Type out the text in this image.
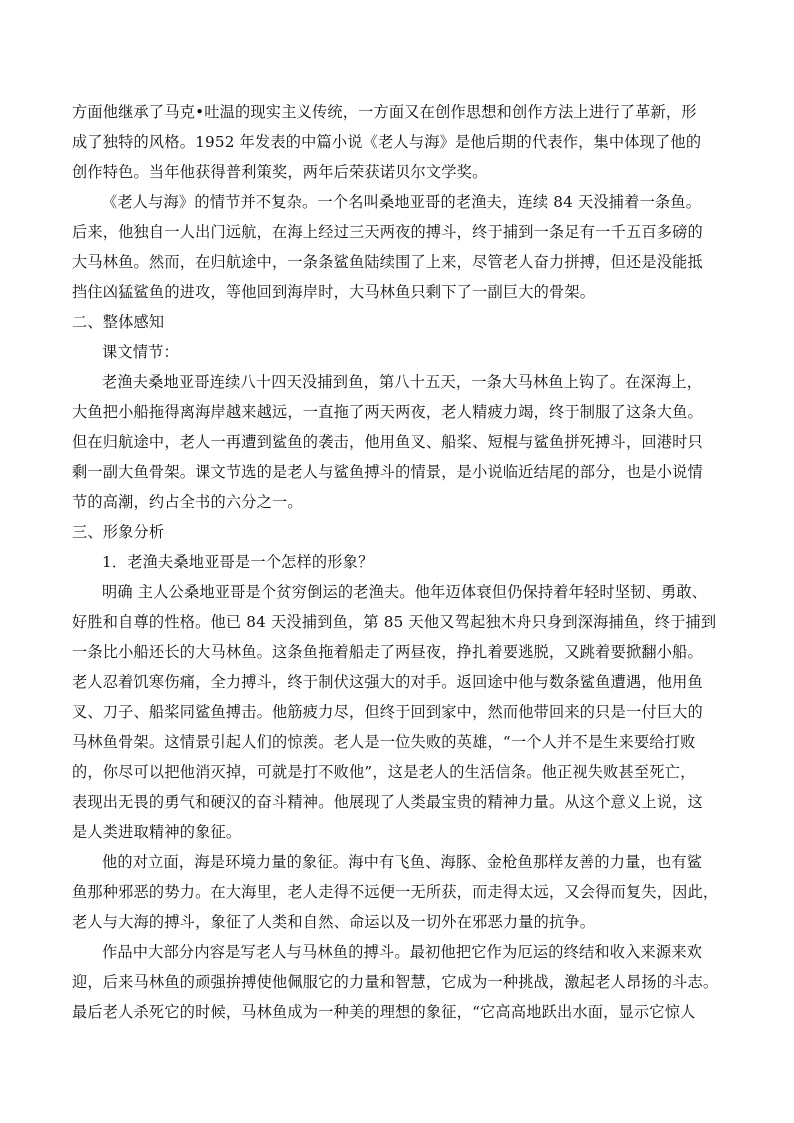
方面他继承了马克•吐温的现实主义传统，一方面又在创作思想和创作方法上进行了革新，形

成了独特的风格。1952 年发表的中篇小说《老人与海》是他后期的代表作，集中体现了他的

创作特色。当年他获得普利策奖，两年后荣获诺贝尔文学奖。

《老人与海》的情节并不复杂。一个名叫桑地亚哥的老渔夫，连续 84 天没捕着一条鱼。

后来，他独自一人出门远航，在海上经过三天两夜的搏斗，终于捕到一条足有一千五百多磅的

大马林鱼。然而，在归航途中，一条条鲨鱼陆续围了上来，尽管老人奋力拼搏，但还是没能抵

挡住凶猛鲨鱼的进攻，等他回到海岸时，大马林鱼只剩下了一副巨大的骨架。

二、整体感知

课文情节：

老渔夫桑地亚哥连续八十四天没捕到鱼，第八十五天，一条大马林鱼上钩了。在深海上，

大鱼把小船拖得离海岸越来越远，一直拖了两天两夜，老人精疲力竭，终于制服了这条大鱼。

但在归航途中，老人一再遭到鲨鱼的袭击，他用鱼叉、船桨、短棍与鲨鱼拼死搏斗，回港时只

剩一副大鱼骨架。课文节选的是老人与鲨鱼搏斗的情景，是小说临近结尾的部分，也是小说情

节的高潮，约占全书的六分之一。

三、形象分析

1．老渔夫桑地亚哥是一个怎样的形象？

明确 主人公桑地亚哥是个贫穷倒运的老渔夫。他年迈体衰但仍保持着年轻时坚韧、勇敢、

好胜和自尊的性格。他已 84 天没捕到鱼，第 85 天他又驾起独木舟只身到深海捕鱼，终于捕到

一条比小船还长的大马林鱼。这条鱼拖着船走了两昼夜，挣扎着要逃脱，又跳着要掀翻小船。

老人忍着饥寒伤痛，全力搏斗，终于制伏这强大的对手。返回途中他与数条鲨鱼遭遇，他用鱼

叉、刀子、船桨同鲨鱼搏击。他筋疲力尽，但终于回到家中，然而他带回来的只是一付巨大的

马林鱼骨架。这情景引起人们的惊羡。老人是一位失败的英雄，“一个人并不是生来要给打败

的，你尽可以把他消灭掉，可就是打不败他”，这是老人的生活信条。他正视失败甚至死亡，

表现出无畏的勇气和硬汉的奋斗精神。他展现了人类最宝贵的精神力量。从这个意义上说，这

是人类进取精神的象征。

他的对立面，海是环境力量的象征。海中有飞鱼、海豚、金枪鱼那样友善的力量，也有鲨

鱼那种邪恶的势力。在大海里，老人走得不远便一无所获，而走得太远，又会得而复失，因此，

老人与大海的搏斗，象征了人类和自然、命运以及一切外在邪恶力量的抗争。

作品中大部分内容是写老人与马林鱼的搏斗。最初他把它作为厄运的终结和收入来源来欢

迎，后来马林鱼的顽强拚搏使他佩服它的力量和智慧，它成为一种挑战，激起老人昂扬的斗志。

最后老人杀死它的时候，马林鱼成为一种美的理想的象征，“它高高地跃出水面，显示它惊人
